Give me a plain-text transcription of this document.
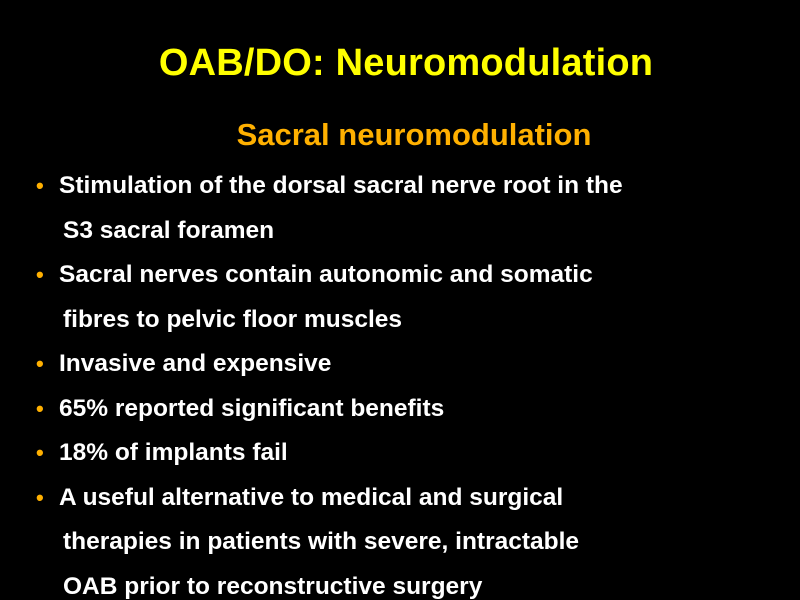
OAB/DO: Neuromodulation
Sacral neuromodulation
• Stimulation of the dorsal sacral nerve root in the
S3 sacral foramen
• Sacral nerves contain autonomic and somatic
fibres to pelvic floor muscles
• Invasive and expensive
• 65% reported significant benefits
• 18% of implants fail
• A useful alternative to medical and surgical
therapies in patients with severe, intractable
OAB prior to reconstructive surgery
